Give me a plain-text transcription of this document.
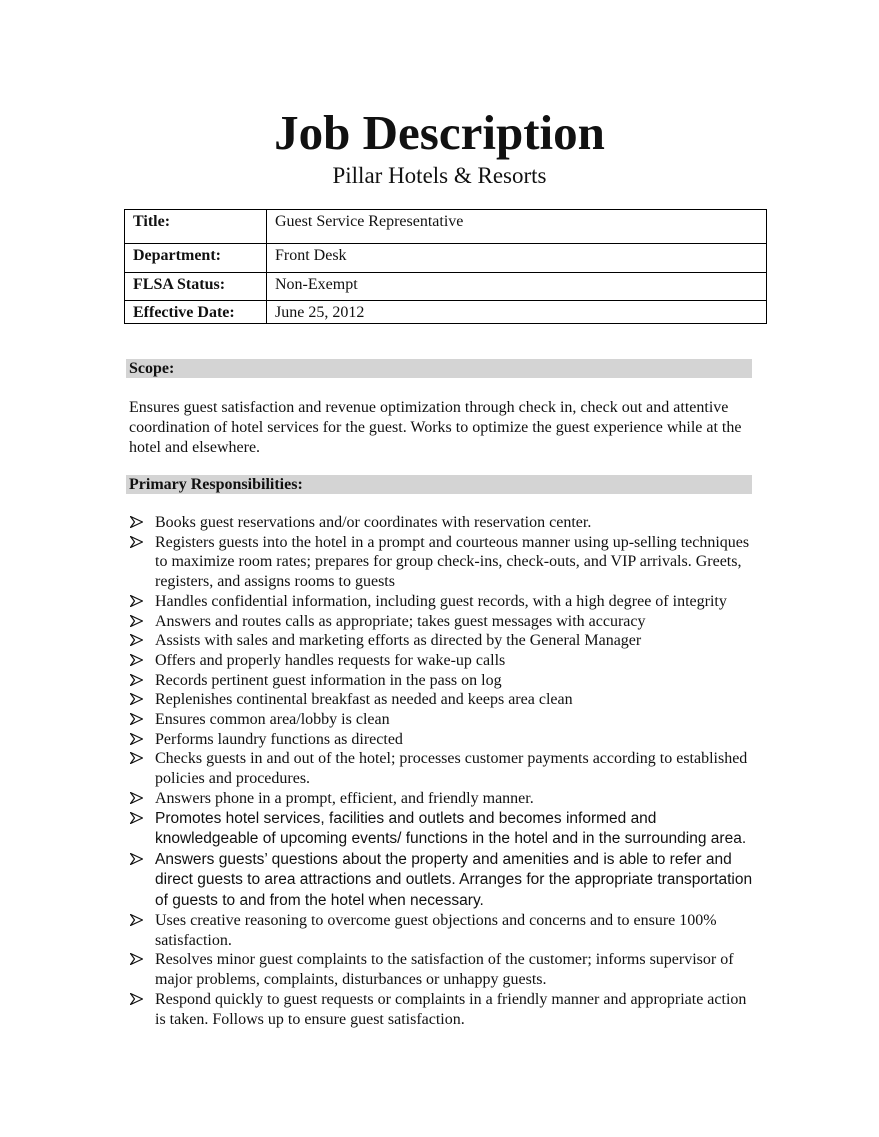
Job Description
Pillar Hotels & Resorts
Title:	Guest Service Representative
Department:	Front Desk
FLSA Status:	Non-Exempt
Effective Date:	June 25, 2012
Scope:
Ensures guest satisfaction and revenue optimization through check in, check out and attentive coordination of hotel services for the guest. Works to optimize the guest experience while at the hotel and elsewhere.
Primary Responsibilities:
Books guest reservations and/or coordinates with reservation center.
Registers guests into the hotel in a prompt and courteous manner using up-selling techniques to maximize room rates; prepares for group check-ins, check-outs, and VIP arrivals. Greets, registers, and assigns rooms to guests
Handles confidential information, including guest records, with a high degree of integrity
Answers and routes calls as appropriate; takes guest messages with accuracy
Assists with sales and marketing efforts as directed by the General Manager
Offers and properly handles requests for wake-up calls
Records pertinent guest information in the pass on log
Replenishes continental breakfast as needed and keeps area clean
Ensures common area/lobby is clean
Performs laundry functions as directed
Checks guests in and out of the hotel; processes customer payments according to established policies and procedures.
Answers phone in a prompt, efficient, and friendly manner.
Promotes hotel services, facilities and outlets and becomes informed and knowledgeable of upcoming events/ functions in the hotel and in the surrounding area.
Answers guests’ questions about the property and amenities and is able to refer and direct guests to area attractions and outlets. Arranges for the appropriate transportation of guests to and from the hotel when necessary.
Uses creative reasoning to overcome guest objections and concerns and to ensure 100% satisfaction.
Resolves minor guest complaints to the satisfaction of the customer; informs supervisor of major problems, complaints, disturbances or unhappy guests.
Respond quickly to guest requests or complaints in a friendly manner and appropriate action is taken. Follows up to ensure guest satisfaction.
